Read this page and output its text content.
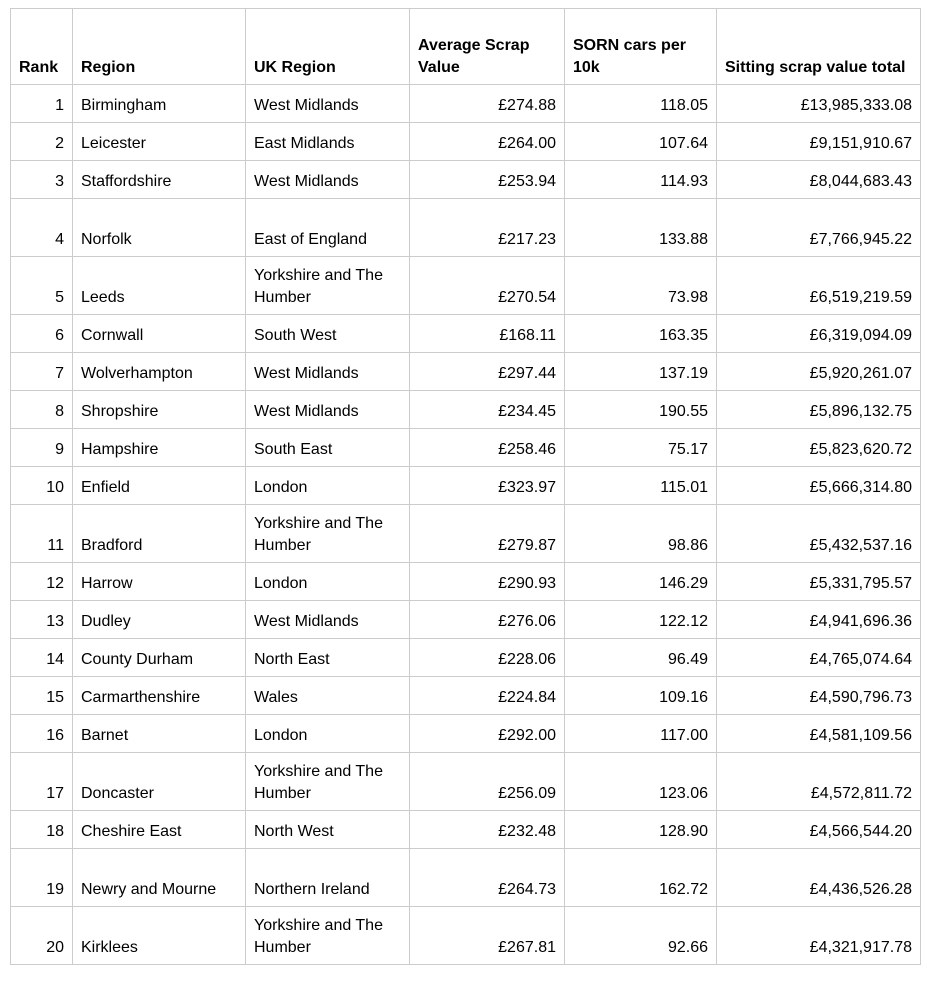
Rank	Region	UK Region	Average Scrap Value	SORN cars per 10k	Sitting scrap value total
1	Birmingham	West Midlands	£274.88	118.05	£13,985,333.08
2	Leicester	East Midlands	£264.00	107.64	£9,151,910.67
3	Staffordshire	West Midlands	£253.94	114.93	£8,044,683.43
4	Norfolk	East of England	£217.23	133.88	£7,766,945.22
5	Leeds	Yorkshire and The Humber	£270.54	73.98	£6,519,219.59
6	Cornwall	South West	£168.11	163.35	£6,319,094.09
7	Wolverhampton	West Midlands	£297.44	137.19	£5,920,261.07
8	Shropshire	West Midlands	£234.45	190.55	£5,896,132.75
9	Hampshire	South East	£258.46	75.17	£5,823,620.72
10	Enfield	London	£323.97	115.01	£5,666,314.80
11	Bradford	Yorkshire and The Humber	£279.87	98.86	£5,432,537.16
12	Harrow	London	£290.93	146.29	£5,331,795.57
13	Dudley	West Midlands	£276.06	122.12	£4,941,696.36
14	County Durham	North East	£228.06	96.49	£4,765,074.64
15	Carmarthenshire	Wales	£224.84	109.16	£4,590,796.73
16	Barnet	London	£292.00	117.00	£4,581,109.56
17	Doncaster	Yorkshire and The Humber	£256.09	123.06	£4,572,811.72
18	Cheshire East	North West	£232.48	128.90	£4,566,544.20
19	Newry and Mourne	Northern Ireland	£264.73	162.72	£4,436,526.28
20	Kirklees	Yorkshire and The Humber	£267.81	92.66	£4,321,917.78
